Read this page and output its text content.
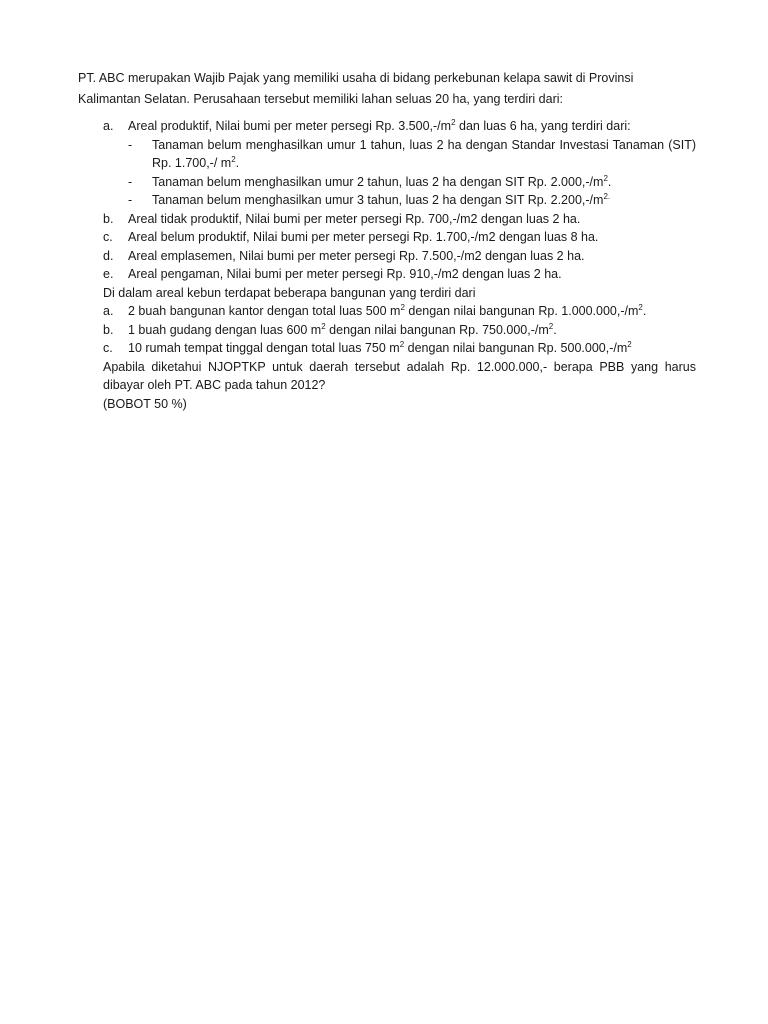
PT. ABC merupakan Wajib Pajak yang memiliki usaha di bidang perkebunan kelapa sawit di Provinsi

Kalimantan Selatan. Perusahaan tersebut memiliki lahan seluas 20 ha, yang terdiri dari:

a.	Areal produktif, Nilai bumi per meter persegi Rp. $3.500,-/m^2$ dan luas 6 ha, yang terdiri dari:
-	Tanaman belum menghasilkan umur 1 tahun, luas 2 ha dengan Standar Investasi Tanaman (SIT) Rp. 1.700,-/ $m^2$.
-	Tanaman belum menghasilkan umur 2 tahun, luas 2 ha dengan SIT Rp. $2.000,-/m^2$.
-	Tanaman belum menghasilkan umur 3 tahun, luas 2 ha dengan SIT Rp. $2.200,-/m^{2.}$
b.	Areal tidak produktif, Nilai bumi per meter persegi Rp. 700,-/m2 dengan luas 2 ha.
c.	Areal belum produktif, Nilai bumi per meter persegi Rp. 1.700,-/m2 dengan luas 8 ha.
d.	Areal emplasemen, Nilai bumi per meter persegi Rp. 7.500,-/m2 dengan luas 2 ha.
e.	Areal pengaman, Nilai bumi per meter persegi Rp. 910,-/m2 dengan luas 2 ha.
Di dalam areal kebun terdapat beberapa bangunan yang terdiri dari
a.	2 buah bangunan kantor dengan total luas 500 $m^2$ dengan nilai bangunan Rp. $1.000.000,-/m^2$.
b.	1 buah gudang dengan luas 600 $m^2$ dengan nilai bangunan Rp. $750.000,-/m^2$.
c.	10 rumah tempat tinggal dengan total luas 750 $m^2$ dengan nilai bangunan Rp. $500.000,-/m^2$
Apabila diketahui NJOPTKP untuk daerah tersebut adalah Rp. 12.000.000,- berapa PBB yang harus dibayar oleh PT. ABC pada tahun 2012?
(BOBOT 50 %)
